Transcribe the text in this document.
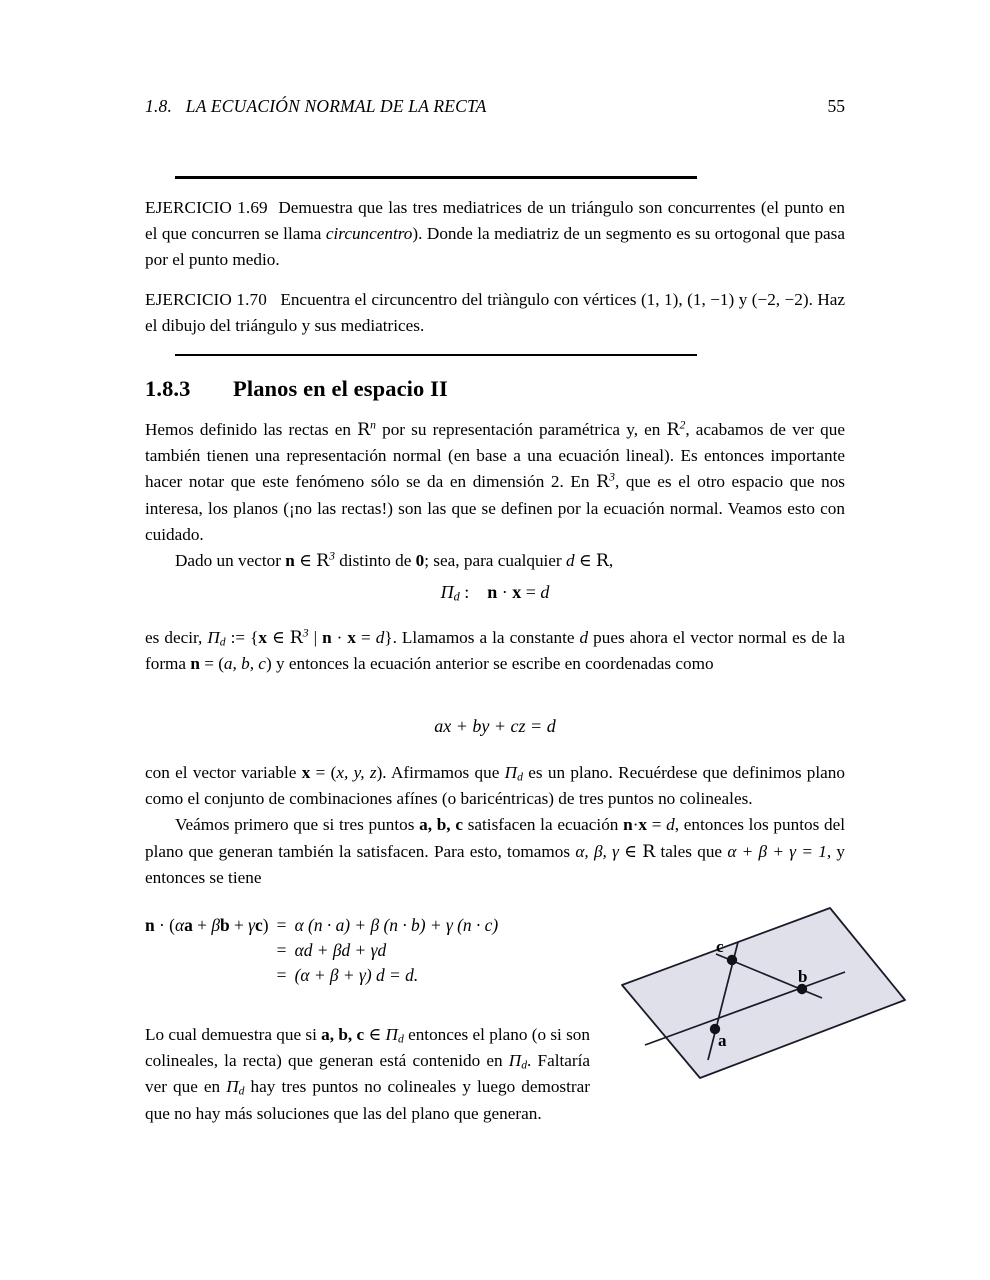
1.8.   LA ECUACIÓN NORMAL DE LA RECTA	55

EJERCICIO 1.69 Demuestra que las tres mediatrices de un triángulo son concurrentes (el punto en el que concurren se llama circuncentro). Donde la mediatriz de un segmento es su ortogonal que pasa por el punto medio.

EJERCICIO 1.70 Encuentra el circuncentro del triàngulo con vértices (1, 1), (1, −1) y (−2, −2). Haz el dibujo del triángulo y sus mediatrices.

1.8.3 Planos en el espacio II

Hemos definido las rectas en $R^n$ por su representación paramétrica y, en $R^2$, acabamos de ver que también tienen una representación normal (en base a una ecuación lineal). Es entonces importante hacer notar que este fenómeno sólo se da en dimensión 2. En $R^3$, que es el otro espacio que nos interesa, los planos (¡no las rectas!) son las que se definen por la ecuación normal. Veamos esto con cuidado.

Dado un vector n ∈ $R^3$ distinto de 0; sea, para cualquier d ∈ R,

$\Pi_d$ : n · x = d

es decir, $\Pi_d$ := {x ∈ $R^3$ | n · x = d}. Llamamos a la constante d pues ahora el vector normal es de la forma n = (a, b, c) y entonces la ecuación anterior se escribe en coordenadas como

ax + by + cz = d

con el vector variable x = (x, y, z). Afirmamos que $\Pi_d$ es un plano. Recuérdese que definimos plano como el conjunto de combinaciones afínes (o baricéntricas) de tres puntos no colineales.

Veámos primero que si tres puntos a, b, c satisfacen la ecuación n·x = d, entonces los puntos del plano que generan también la satisfacen. Para esto, tomamos α, β, γ ∈ R tales que α + β + γ = 1, y entonces se tiene

n · (αa + βb + γc)	=	α (n · a) + β (n · b) + γ (n · c)
	=	αd + βd + γd
	=	(α + β + γ) d = d.

Lo cual demuestra que si a, b, c ∈ $\Pi_d$ entonces el plano (o si son colineales, la recta) que generan está contenido en $\Pi_d$. Faltaría ver que en $\Pi_d$ hay tres puntos no colineales y luego demostrar que no hay más soluciones que las del plano que generan.

c
b
a
